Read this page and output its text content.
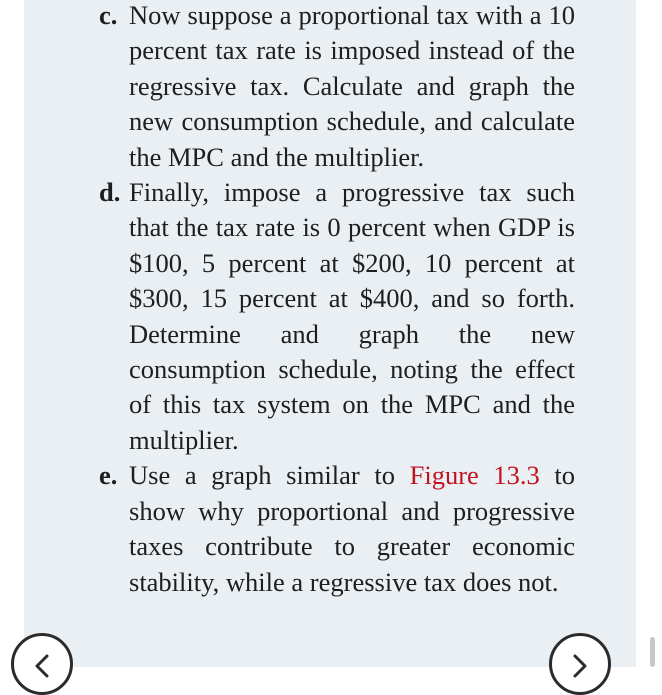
c. Now suppose a proportional tax with a 10 percent tax rate is imposed instead of the regressive tax. Calculate and graph the new consumption schedule, and calculate the MPC and the multiplier.
d. Finally, impose a progressive tax such that the tax rate is 0 percent when GDP is $100, 5 percent at $200, 10 percent at $300, 15 percent at $400, and so forth. Determine and graph the new consumption schedule, noting the effect of this tax system on the MPC and the multiplier.
e. Use a graph similar to Figure 13.3 to show why proportional and progressive taxes contribute to greater economic stability, while a regressive tax does not.
